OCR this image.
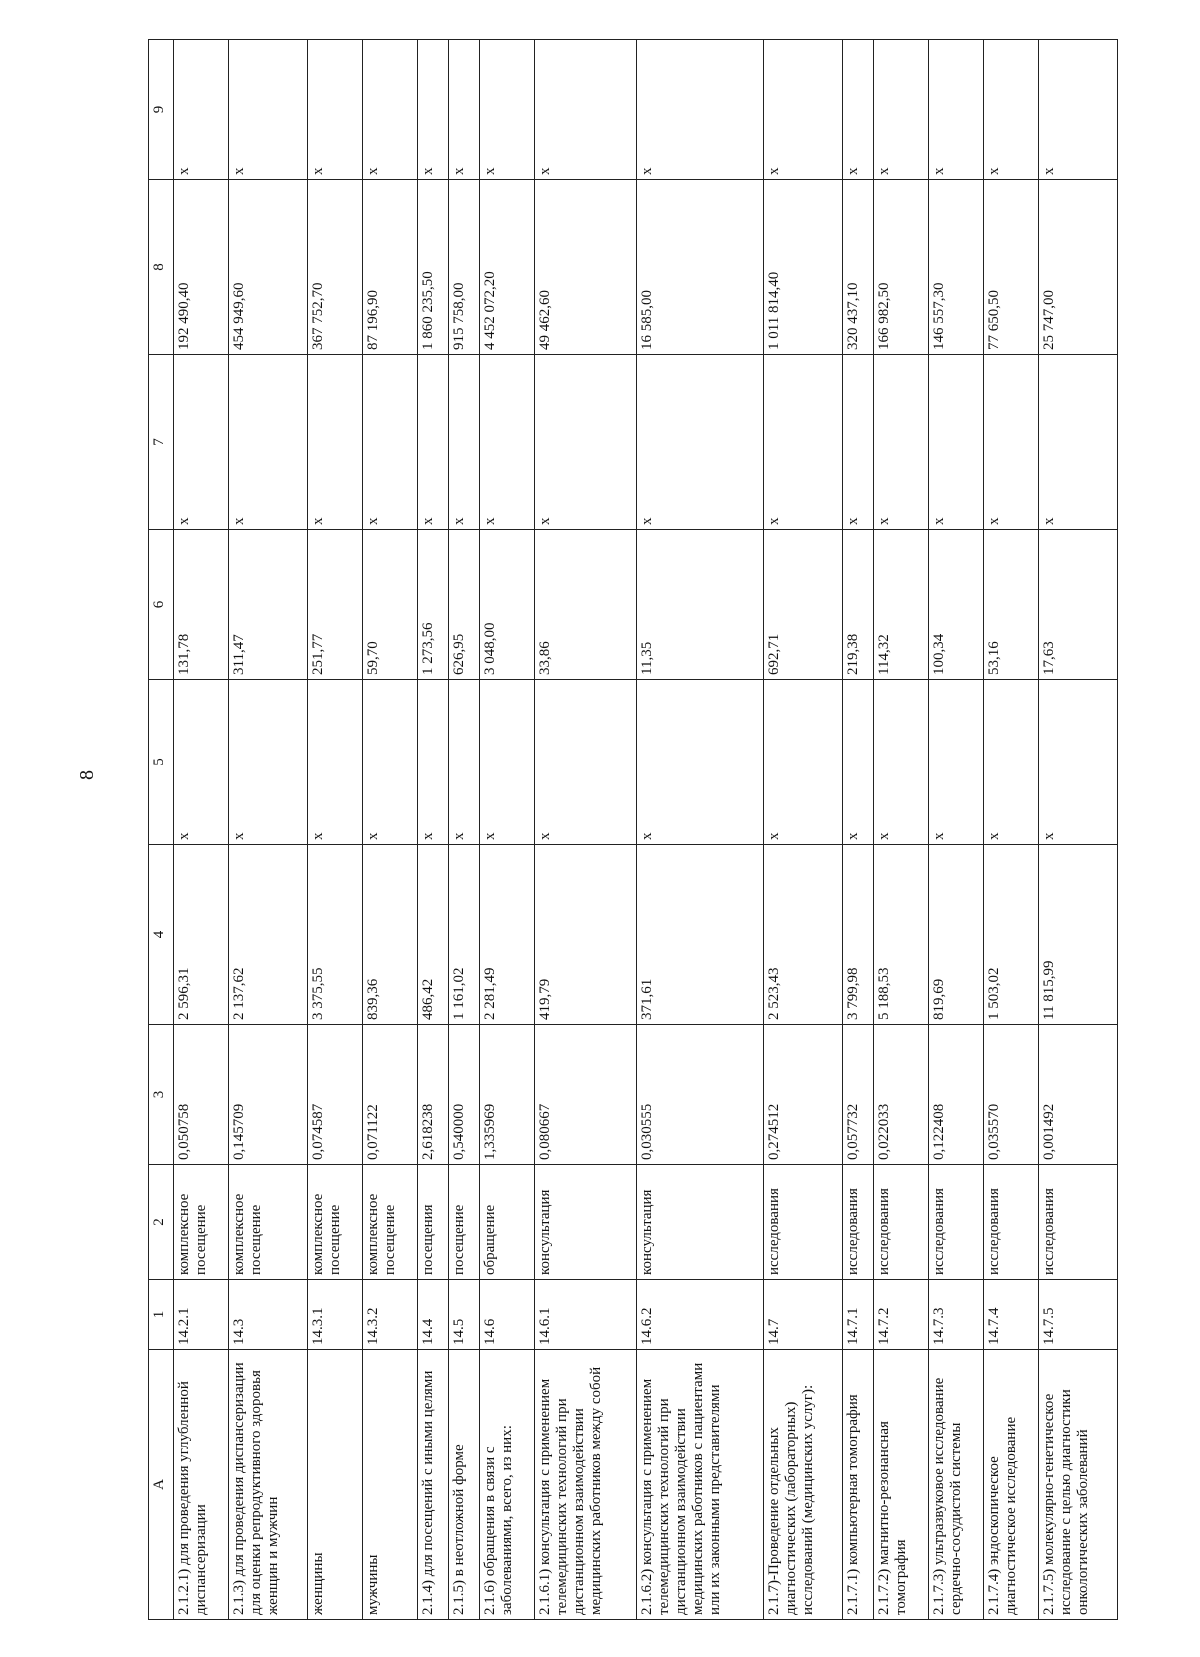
8
А	1	2	3	4	5	6	7	8	9
2.1.2.1) для проведения углубленной диспансеризации	14.2.1	комплексное посещение	0,050758	2 596,31	x	131,78	x	192 490,40	x
2.1.3) для проведения диспансеризации для оценки репродуктивного здоровья женщин и мужчин	14.3	комплексное посещение	0,145709	2 137,62	x	311,47	x	454 949,60	x
женщины	14.3.1	комплексное посещение	0,074587	3 375,55	x	251,77	x	367 752,70	x
мужчины	14.3.2	комплексное посещение	0,071122	839,36	x	59,70	x	87 196,90	x
2.1.4) для посещений с иными целями	14.4	посещения	2,618238	486,42	x	1 273,56	x	1 860 235,50	x
2.1.5) в неотложной форме	14.5	посещение	0,540000	1 161,02	x	626,95	x	915 758,00	x
2.1.6) обращения в связи с заболеваниями, всего, из них:	14.6	обращение	1,335969	2 281,49	x	3 048,00	x	4 452 072,20	x
2.1.6.1) консультация с применением телемедицинских технологий при дистанционном взаимодействии медицинских работников между собой	14.6.1	консультация	0,080667	419,79	x	33,86	x	49 462,60	x
2.1.6.2) консультация с применением телемедицинских технологий при дистанционном взаимодействии медицинских работников с пациентами или их законными представителями	14.6.2	консультация	0,030555	371,61	x	11,35	x	16 585,00	x
2.1.7)-Проведение отдельных диагностических (лабораторных) исследований (медицинских услуг):	14.7	исследования	0,274512	2 523,43	x	692,71	x	1 011 814,40	x
2.1.7.1) компьютерная томография	14.7.1	исследования	0,057732	3 799,98	x	219,38	x	320 437,10	x
2.1.7.2) магнитно-резонансная томография	14.7.2	исследования	0,022033	5 188,53	x	114,32	x	166 982,50	x
2.1.7.3) ультразвуковое исследование сердечно-сосудистой системы	14.7.3	исследования	0,122408	819,69	x	100,34	x	146 557,30	x
2.1.7.4) эндоскопическое диагностическое исследование	14.7.4	исследования	0,035570	1 503,02	x	53,16	x	77 650,50	x
2.1.7.5) молекулярно-генетическое исследование с целью диагностики онкологических заболеваний	14.7.5	исследования	0,001492	11 815,99	x	17,63	x	25 747,00	x
